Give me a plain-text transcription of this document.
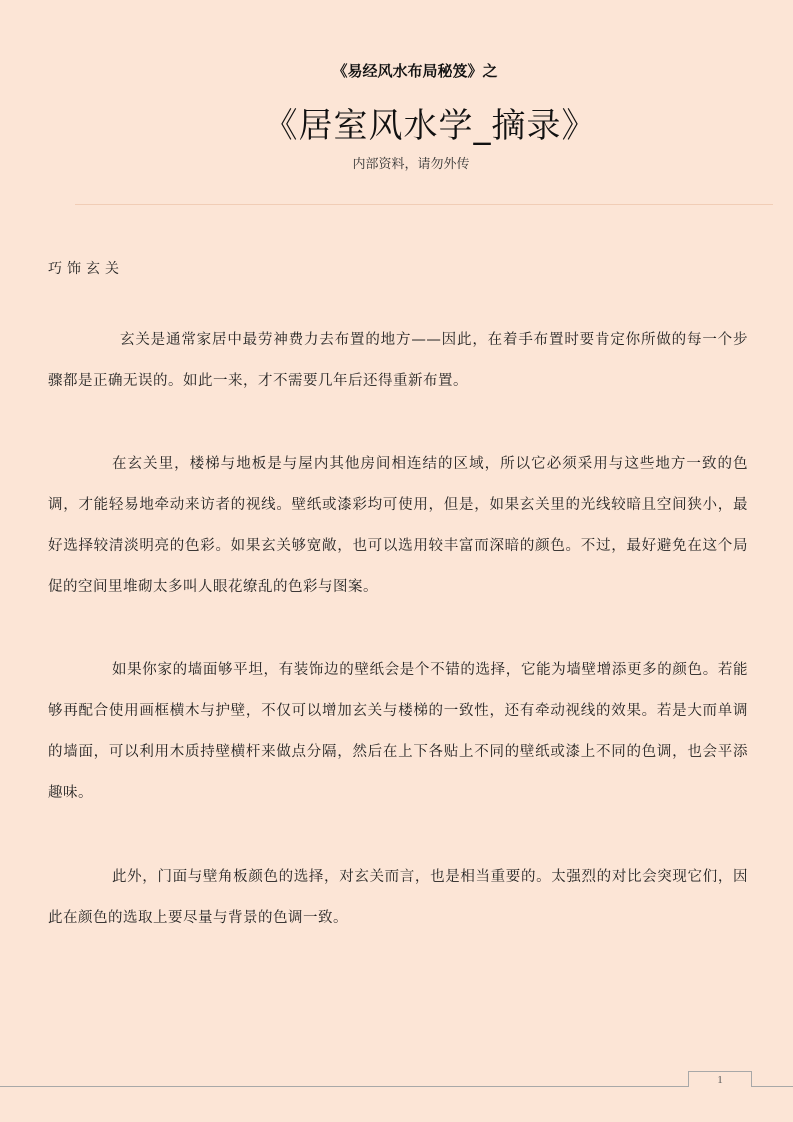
《易经风水布局秘笈》之
《居室风水学_摘录》
内部资料，请勿外传
巧饰玄关
玄关是通常家居中最劳神费力去布置的地方——因此，在着手布置时要肯定你所做的每一个步骤都是正确无误的。如此一来，才不需要几年后还得重新布置。
在玄关里，楼梯与地板是与屋内其他房间相连结的区域，所以它必须采用与这些地方一致的色调，才能轻易地牵动来访者的视线。壁纸或漆彩均可使用，但是，如果玄关里的光线较暗且空间狭小，最好选择较清淡明亮的色彩。如果玄关够宽敞，也可以选用较丰富而深暗的颜色。不过，最好避免在这个局促的空间里堆砌太多叫人眼花缭乱的色彩与图案。
如果你家的墙面够平坦，有装饰边的壁纸会是个不错的选择，它能为墙壁增添更多的颜色。若能够再配合使用画框横木与护壁，不仅可以增加玄关与楼梯的一致性，还有牵动视线的效果。若是大而单调的墙面，可以利用木质持壁横杆来做点分隔，然后在上下各贴上不同的壁纸或漆上不同的色调，也会平添趣味。
此外，门面与壁角板颜色的选择，对玄关而言，也是相当重要的。太强烈的对比会突现它们，因此在颜色的选取上要尽量与背景的色调一致。
1
